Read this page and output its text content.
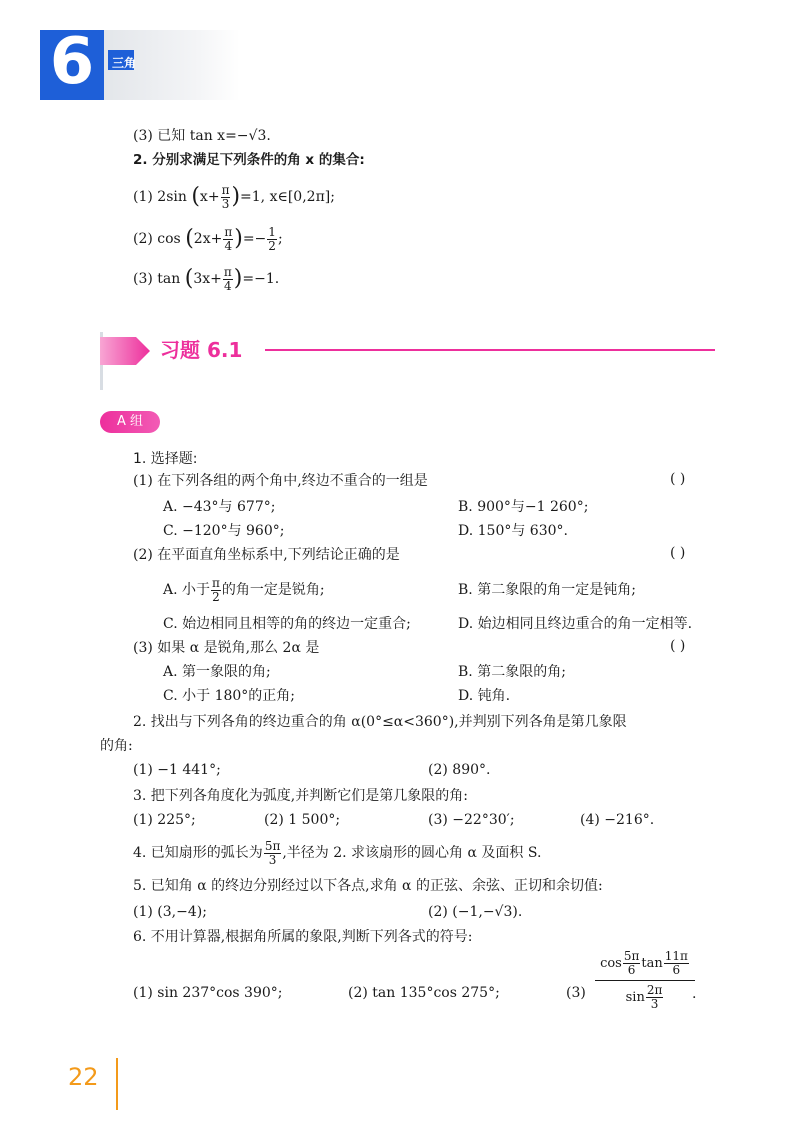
6	三角
(3) 已知 tan x=−√3.
2. 分别求满足下列条件的角 x 的集合:
(1) 2sin $(x+ \frac{\pi}{3} )=1$, x∈[0,2π];
(2) $\cos (2x+ \frac{\pi}{4}$ )=− $\frac{1}{2}$ ;
(3) $\tan (3x+ \frac{\pi}{4} )=-1$.
习题 6.1
A 组
1. 选择题:
(1) 在下列各组的两个角中,终边不重合的一组是	( )
A. −43°与 677°;	B. 900°与−1 260°;
C. −120°与 960°;	D. 150°与 630°.
(2) 在平面直角坐标系中,下列结论正确的是	( )
A. 小于 $\frac{\pi}{2}$ 的角一定是锐角;	B. 第二象限的角一定是钝角;
C. 始边相同且相等的角的终边一定重合;	D. 始边相同且终边重合的角一定相等.
(3) 如果 α 是锐角,那么 2α 是	( )
A. 第一象限的角;	B. 第二象限的角;
C. 小于 180°的正角;	D. 钝角.
2. 找出与下列各角的终边重合的角 α(0°≤α<360°),并判别下列各角是第几象限
的角:
(1) −1 441°;	(2) 890°.
3. 把下列各角度化为弧度,并判断它们是第几象限的角:
(1) 225°;	(2) 1 500°;	(3) −22°30′;	(4) −216°.
4. 已知扇形的弧长为 $\frac{5\pi}{3}$ ,半径为 2. 求该扇形的圆心角 α 及面积 S.
5. 已知角 α 的终边分别经过以下各点,求角 α 的正弦、余弦、正切和余切值:
(1) (3,−4);	(2) (−1,−√3).
6. 不用计算器,根据角所属的象限,判断下列各式的符号:
(1) sin 237°cos 390°;	(2) tan 135°cos 275°;	$(3) \frac{\cos \frac{5\pi}{6} \tan \frac{11\pi}{6}}{\sin \frac{2\pi}{3}}$
.
22
